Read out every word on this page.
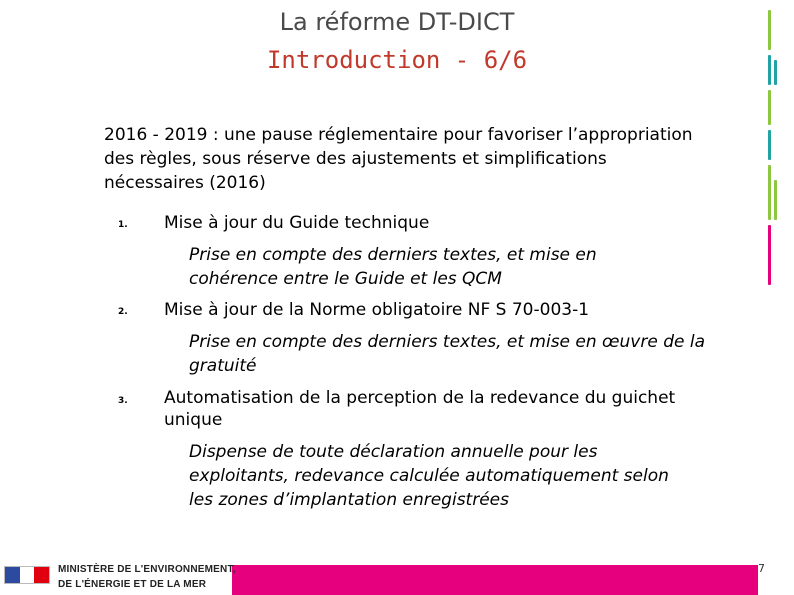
La réforme DT-DICT
Introduction - 6/6
2016 - 2019 : une pause réglementaire pour favoriser l’appropriation des règles, sous réserve des ajustements et simplifications nécessaires (2016)
1. Mise à jour du Guide technique
Prise en compte des derniers textes, et mise en cohérence entre le Guide et les QCM
2. Mise à jour de la Norme obligatoire NF S 70-003-1
Prise en compte des derniers textes, et mise en œuvre de la gratuité
3. Automatisation de la perception de la redevance du guichet unique
Dispense de toute déclaration annuelle pour les exploitants, redevance calculée automatiquement selon les zones d’implantation enregistrées
MINISTÈRE DE L'ENVIRONNEMENT,
DE L'ÉNERGIE ET DE LA MER
7
